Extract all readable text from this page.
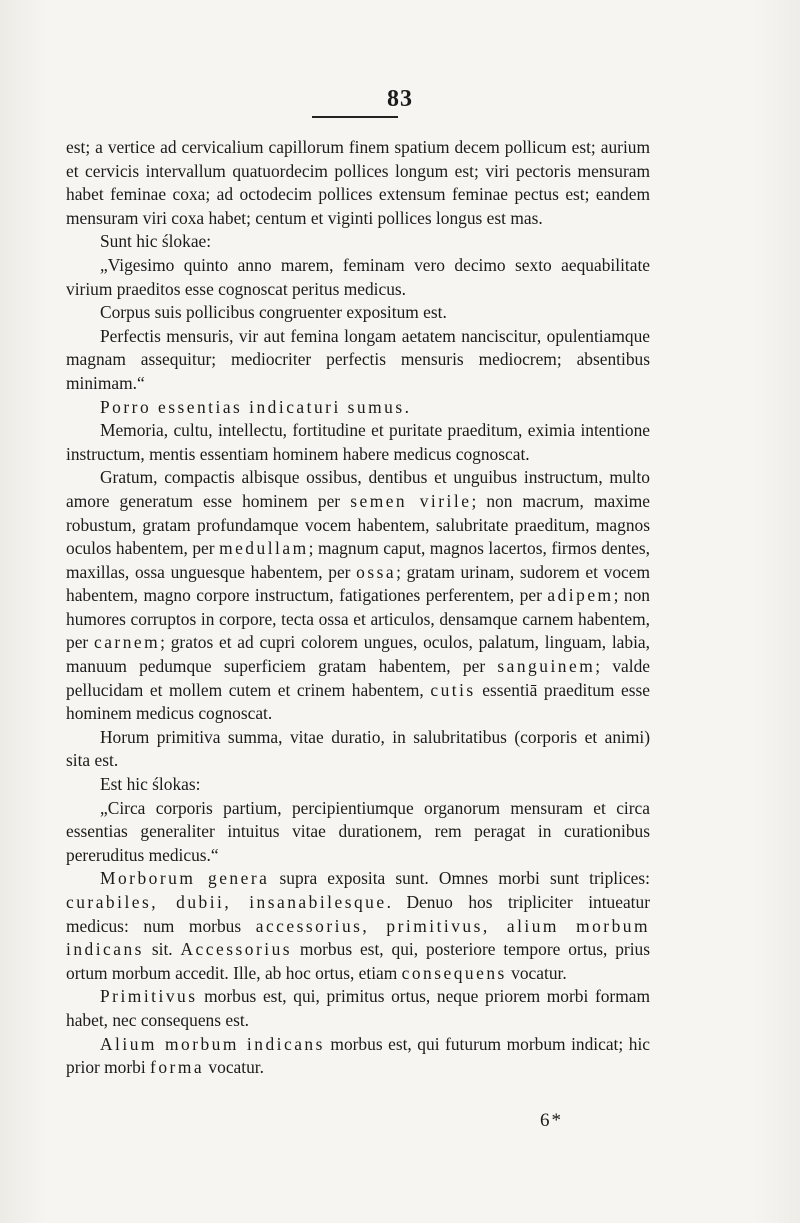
83

est; a vertice ad cervicalium capillorum finem spatium decem pollicum est; aurium et cervicis intervallum quatuordecim pollices longum est; viri pectoris mensuram habet feminae coxa; ad octodecim pollices extensum feminae pectus est; eandem mensuram viri coxa habet; centum et viginti pollices longus est mas.

Sunt hic ślokae:

„Vigesimo quinto anno marem, feminam vero decimo sexto aequabilitate virium praeditos esse cognoscat peritus medicus.

Corpus suis pollicibus congruenter expositum est.

Perfectis mensuris, vir aut femina longam aetatem nanciscitur, opulentiamque magnam assequitur; mediocriter perfectis mensuris mediocrem; absentibus minimam.“

Porro essentias indicaturi sumus.

Memoria, cultu, intellectu, fortitudine et puritate praeditum, eximia intentione instructum, mentis essentiam hominem habere medicus cognoscat.

Gratum, compactis albisque ossibus, dentibus et unguibus instructum, multo amore generatum esse hominem per semen virile; non macrum, maxime robustum, gratam profundamque vocem habentem, salubritate praeditum, magnos oculos habentem, per medullam; magnum caput, magnos lacertos, firmos dentes, maxillas, ossa unguesque habentem, per ossa; gratam urinam, sudorem et vocem habentem, magno corpore instructum, fatigationes perferentem, per adipem; non humores corruptos in corpore, tecta ossa et articulos, densamque carnem habentem, per carnem; gratos et ad cupri colorem ungues, oculos, palatum, linguam, labia, manuum pedumque superficiem gratam habentem, per sanguinem; valde pellucidam et mollem cutem et crinem habentem, cutis essentiā praeditum esse hominem medicus cognoscat.

Horum primitiva summa, vitae duratio, in salubritatibus (corporis et animi) sita est.

Est hic ślokas:

„Circa corporis partium, percipientiumque organorum mensuram et circa essentias generaliter intuitus vitae durationem, rem peragat in curationibus pereruditus medicus.“

Morborum genera supra exposita sunt. Omnes morbi sunt triplices: curabiles, dubii, insanabilesque. Denuo hos tripliciter intueatur medicus: num morbus accessorius, primitivus, alium morbum indicans sit. Accessorius morbus est, qui, posteriore tempore ortus, prius ortum morbum accedit. Ille, ab hoc ortus, etiam consequens vocatur.

Primitivus morbus est, qui, primitus ortus, neque priorem morbi formam habet, nec consequens est.

Alium morbum indicans morbus est, qui futurum morbum indicat; hic prior morbi forma vocatur.

6*
